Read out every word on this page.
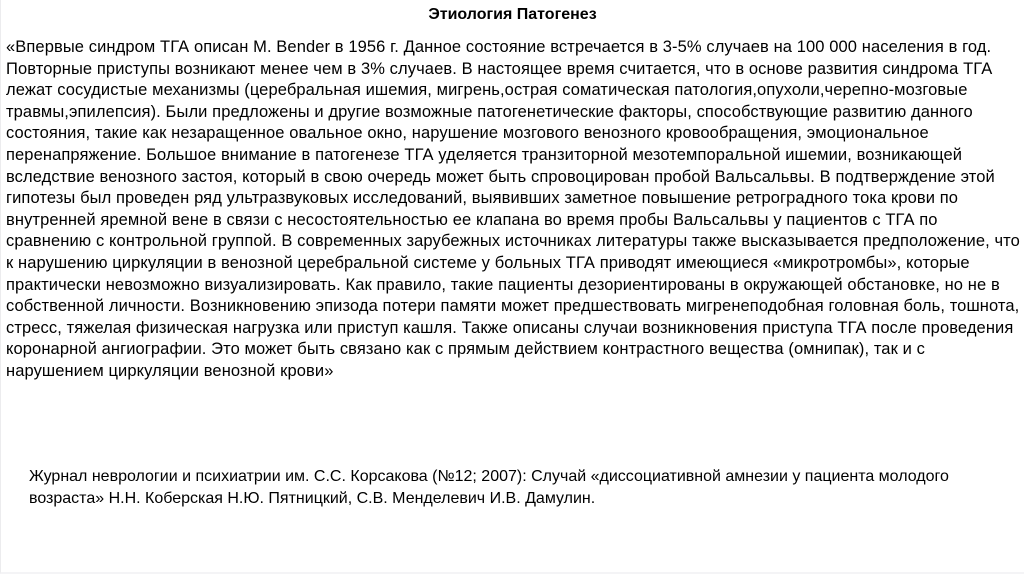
Этиология Патогенез

«Впервые синдром ТГА описан M. Bender в 1956 г. Данное состояние встречается в 3-5% случаев на 100 000 населения в год. Повторные приступы возникают менее чем в 3% случаев. В настоящее время считается, что в основе развития синдрома ТГА лежат сосудистые механизмы (церебральная ишемия, мигрень,острая соматическая патология,опухоли,черепно-мозговые травмы,эпилепсия). Были предложены и другие возможные патогенетические факторы, способствующие развитию данного состояния, такие как незаращенное овальное окно, нарушение мозгового венозного кровообращения, эмоциональное перенапряжение. Большое внимание в патогенезе ТГА уделяется транзиторной мезотемпоральной ишемии, возникающей вследствие венозного застоя, который в свою очередь может быть спровоцирован пробой Вальсальвы. В подтверждение этой гипотезы был проведен ряд ультразвуковых исследований, выявивших заметное повышение ретроградного тока крови по внутренней яремной вене в связи с несостоятельностью ее клапана во время пробы Вальсальвы у пациентов с ТГА по сравнению с контрольной группой. В современных зарубежных источниках литературы также высказывается предположение, что к нарушению циркуляции в венозной церебральной системе у больных ТГА приводят имеющиеся «микротромбы», которые практически невозможно визуализировать. Как правило, такие пациенты дезориентированы в окружающей обстановке, но не в собственной личности. Возникновению эпизода потери памяти может предшествовать мигренеподобная головная боль, тошнота, стресс, тяжелая физическая нагрузка или приступ кашля. Также описаны случаи возникновения приступа ТГА после проведения коронарной ангиографии. Это может быть связано как с прямым действием контрастного вещества (омнипак), так и с нарушением циркуляции венозной крови»

Журнал неврологии и психиатрии им. С.С. Корсакова (№12; 2007): Случай «диссоциативной амнезии у пациента молодого возраста» Н.Н. Коберская Н.Ю. Пятницкий, С.В. Менделевич И.В. Дамулин.
